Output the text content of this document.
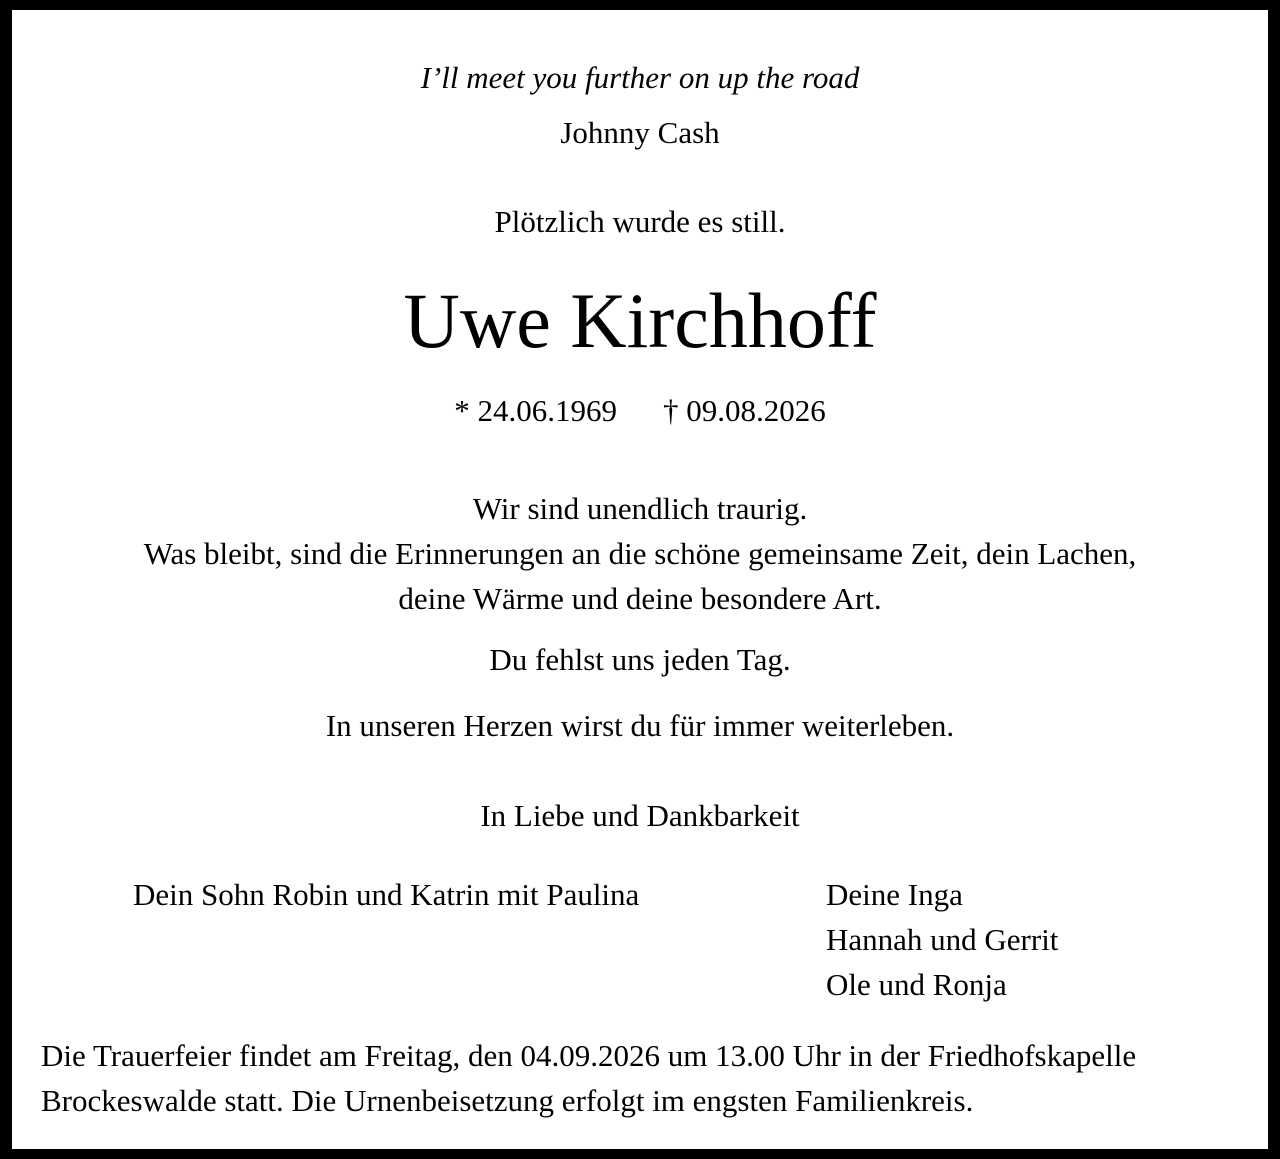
I’ll meet you further on up the road
Johnny Cash
Plötzlich wurde es still.
Uwe Kirchhoff
* 24.06.1969 † 09.08.2026
Wir sind unendlich traurig.
Was bleibt, sind die Erinnerungen an die schöne gemeinsame Zeit, dein Lachen,
deine Wärme und deine besondere Art.
Du fehlst uns jeden Tag.
In unseren Herzen wirst du für immer weiterleben.
In Liebe und Dankbarkeit
Dein Sohn Robin und Katrin mit Paulina	Deine Inga
Hannah und Gerrit
Ole und Ronja
Die Trauerfeier findet am Freitag, den 04.09.2026 um 13.00 Uhr in der Friedhofskapelle
Brockeswalde statt. Die Urnenbeisetzung erfolgt im engsten Familienkreis.
